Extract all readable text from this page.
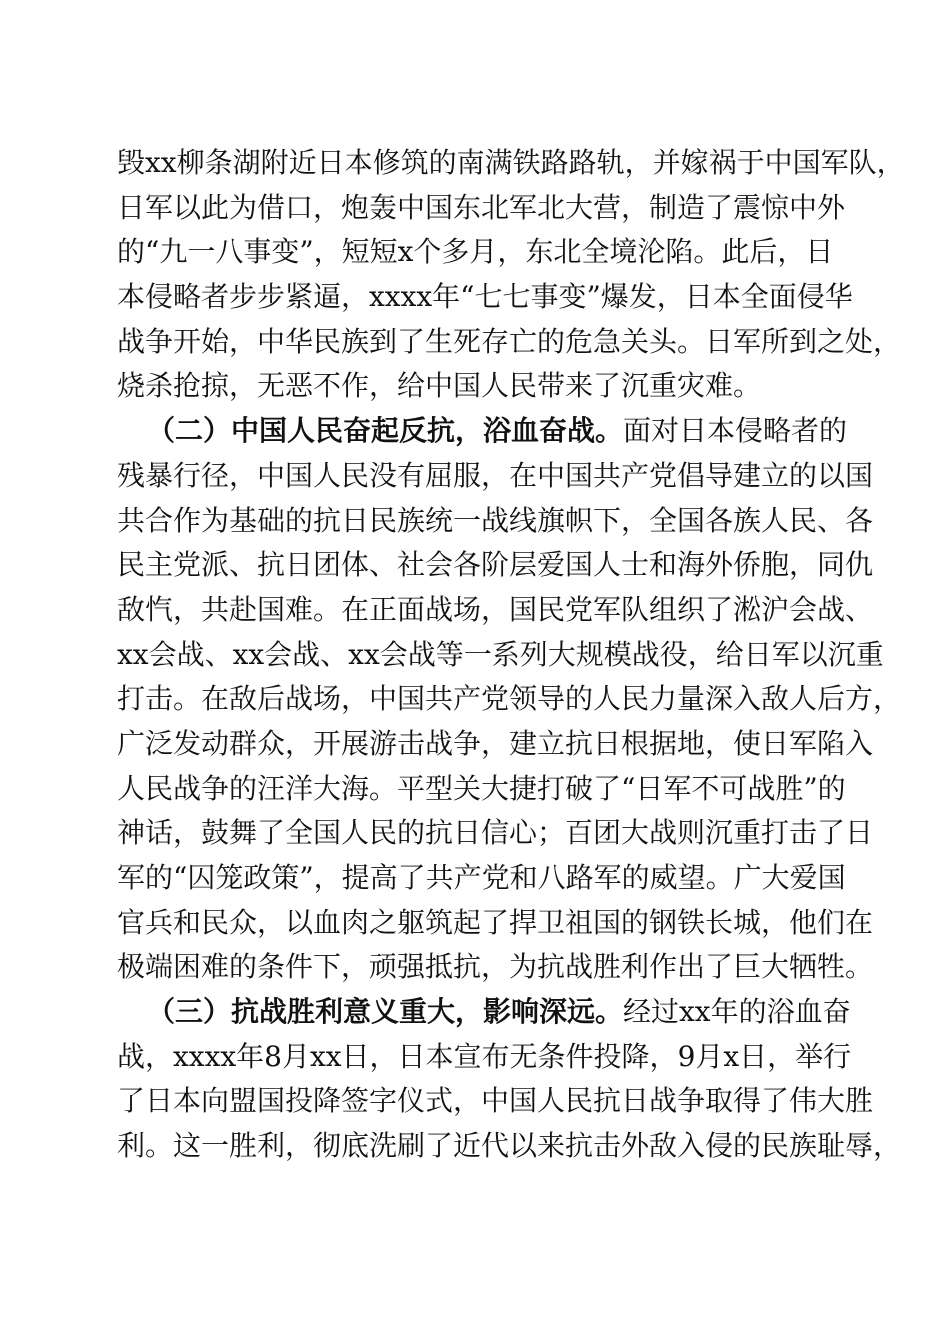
毁xx柳条湖附近日本修筑的南满铁路路轨，并嫁祸于中国军队，
日军以此为借口，炮轰中国东北军北大营，制造了震惊中外
的“九一八事变”，短短x个多月，东北全境沦陷。此后，日
本侵略者步步紧逼，xxxx年“七七事变”爆发，日本全面侵华
战争开始，中华民族到了生死存亡的危急关头。日军所到之处，
烧杀抢掠，无恶不作，给中国人民带来了沉重灾难。
（二）中国人民奋起反抗，浴血奋战。面对日本侵略者的
残暴行径，中国人民没有屈服，在中国共产党倡导建立的以国
共合作为基础的抗日民族统一战线旗帜下，全国各族人民、各
民主党派、抗日团体、社会各阶层爱国人士和海外侨胞，同仇
敌忾，共赴国难。在正面战场，国民党军队组织了淞沪会战、
xx会战、xx会战、xx会战等一系列大规模战役，给日军以沉重
打击。在敌后战场，中国共产党领导的人民力量深入敌人后方，
广泛发动群众，开展游击战争，建立抗日根据地，使日军陷入
人民战争的汪洋大海。平型关大捷打破了“日军不可战胜”的
神话，鼓舞了全国人民的抗日信心；百团大战则沉重打击了日
军的“囚笼政策”，提高了共产党和八路军的威望。广大爱国
官兵和民众，以血肉之躯筑起了捍卫祖国的钢铁长城，他们在
极端困难的条件下，顽强抵抗，为抗战胜利作出了巨大牺牲。
（三）抗战胜利意义重大，影响深远。经过xx年的浴血奋
战，xxxx年8月xx日，日本宣布无条件投降，9月x日，举行
了日本向盟国投降签字仪式，中国人民抗日战争取得了伟大胜
利。这一胜利，彻底洗刷了近代以来抗击外敌入侵的民族耻辱，
